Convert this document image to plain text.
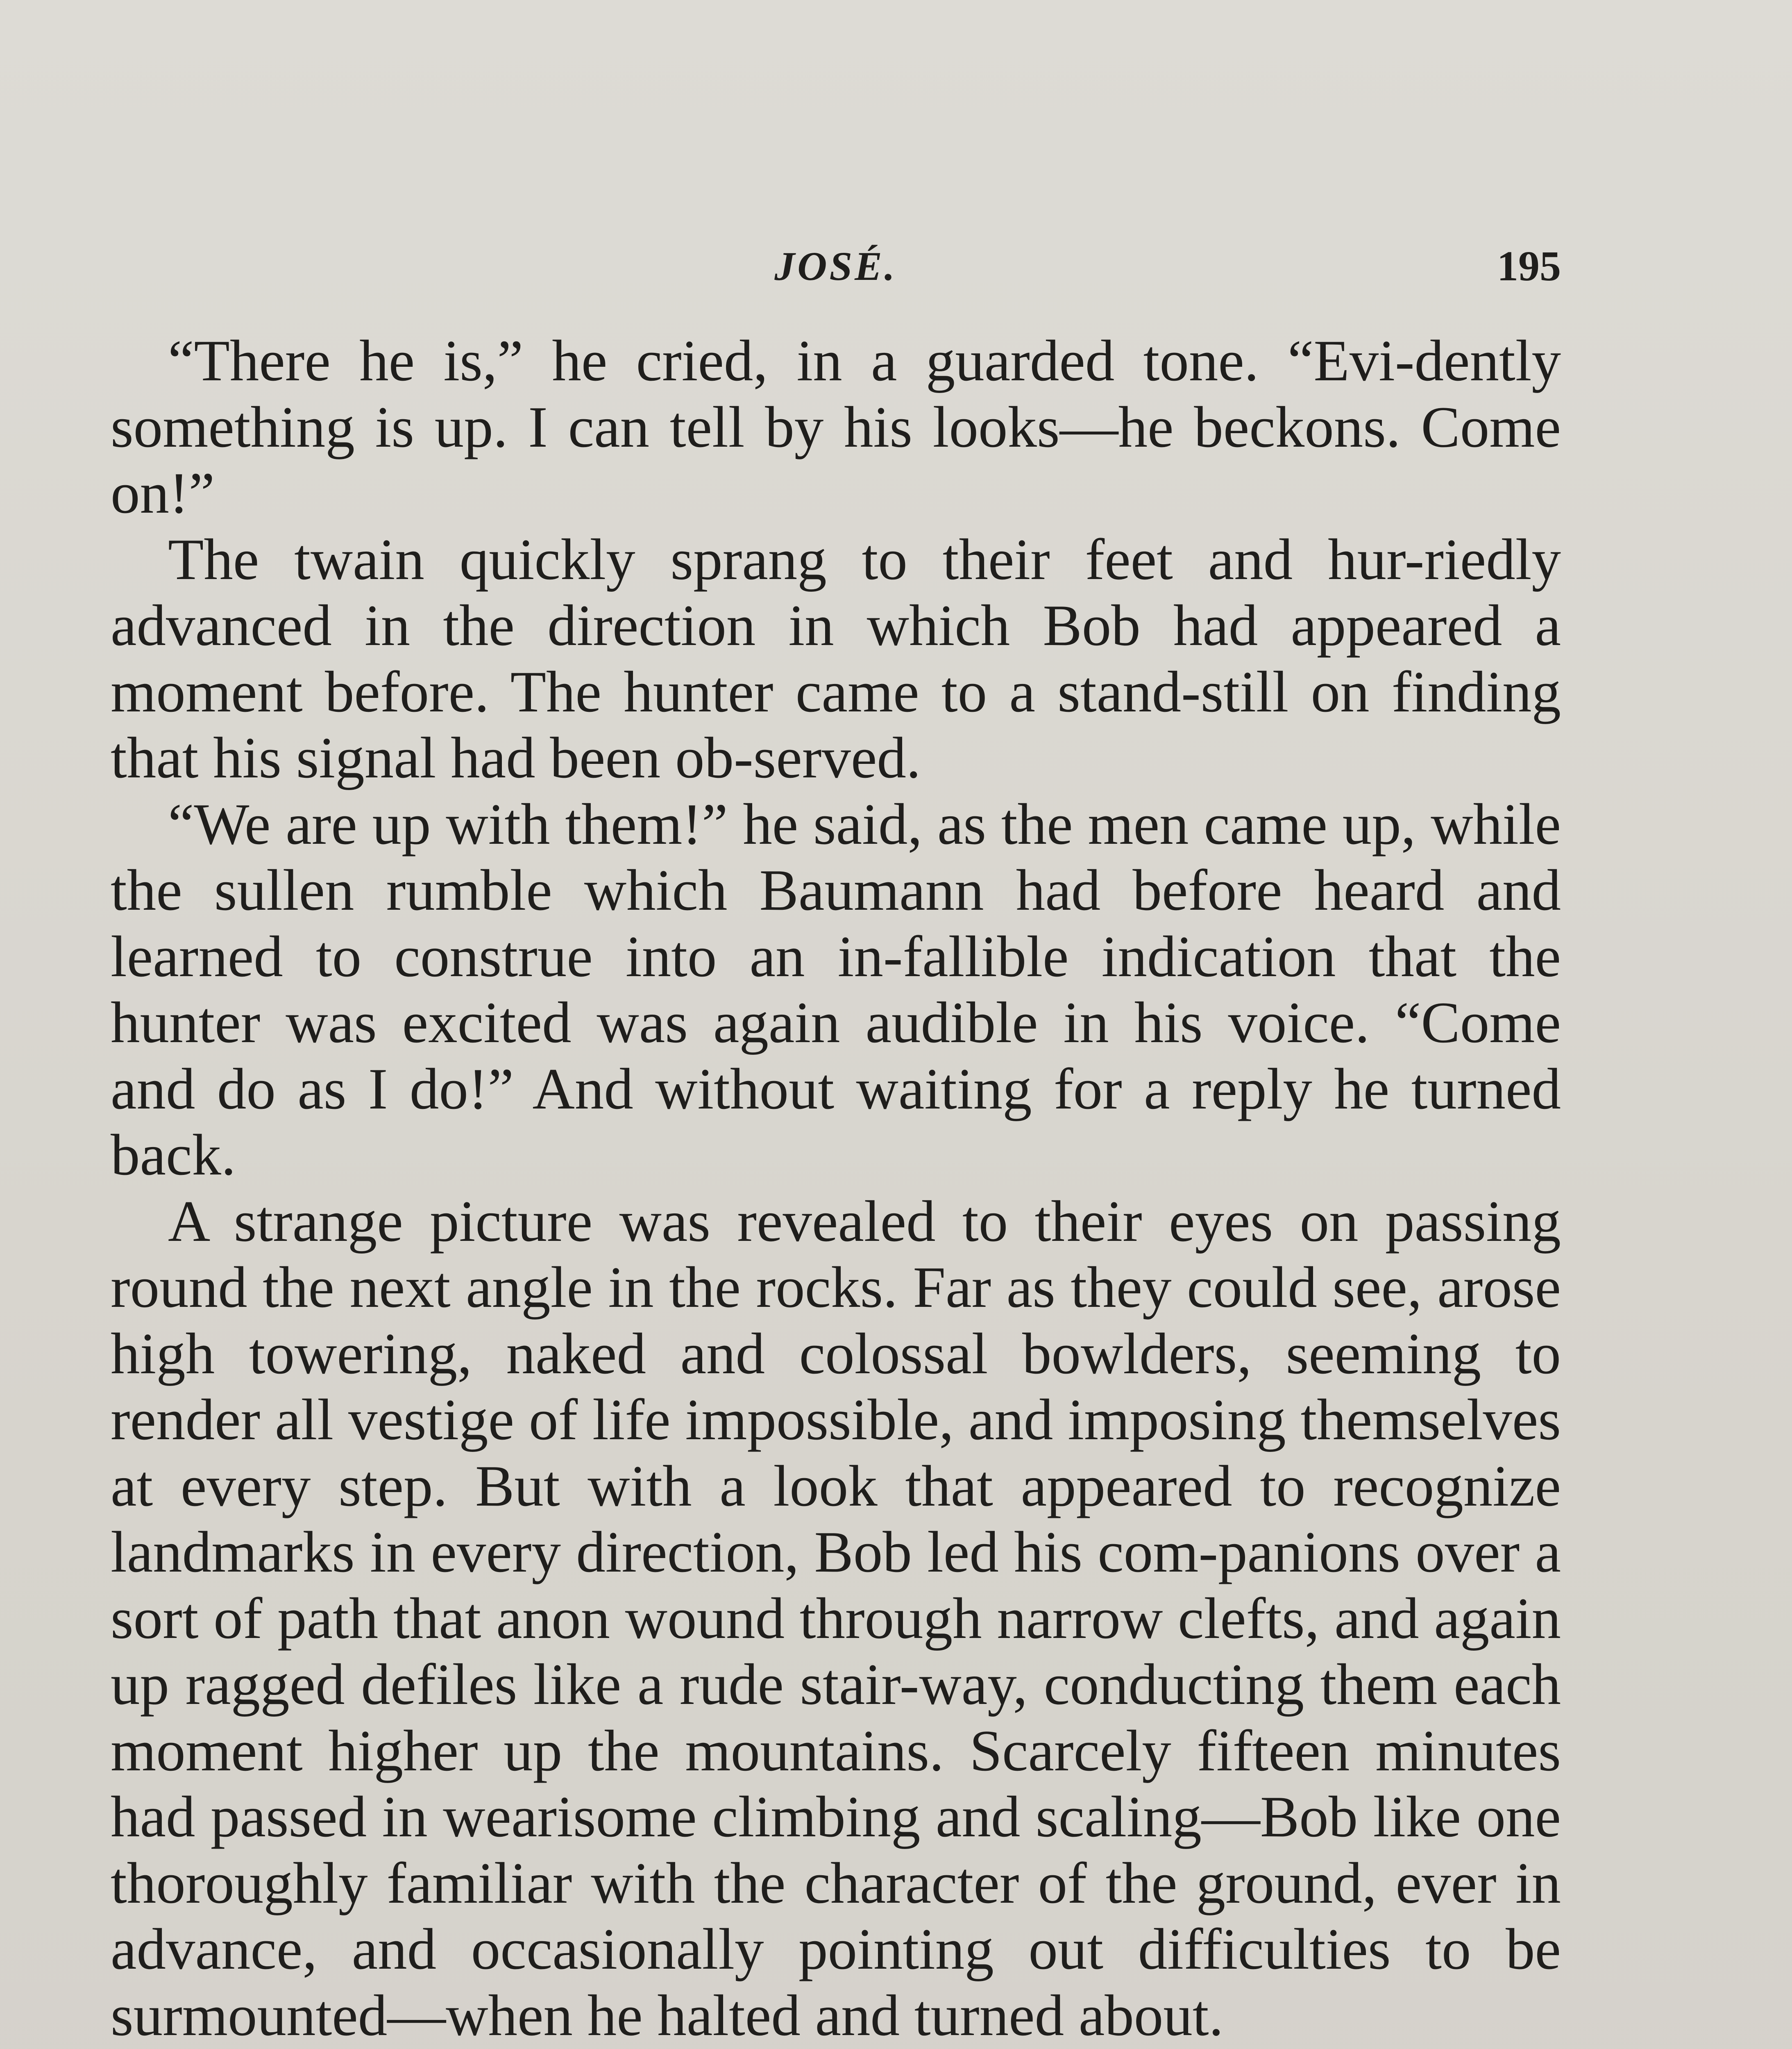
JOSÉ.	195

“There he is,” he cried, in a guarded tone. “Evi-dently something is up. I can tell by his looks—he beckons. Come on!”

The twain quickly sprang to their feet and hur-riedly advanced in the direction in which Bob had appeared a moment before. The hunter came to a stand-still on finding that his signal had been ob-served.

“We are up with them!” he said, as the men came up, while the sullen rumble which Baumann had before heard and learned to construe into an in-fallible indication that the hunter was excited was again audible in his voice. “Come and do as I do!” And without waiting for a reply he turned back.

A strange picture was revealed to their eyes on passing round the next angle in the rocks. Far as they could see, arose high towering, naked and colossal bowlders, seeming to render all vestige of life impossible, and imposing themselves at every step. But with a look that appeared to recognize landmarks in every direction, Bob led his com-panions over a sort of path that anon wound through narrow clefts, and again up ragged defiles like a rude stair-way, conducting them each moment higher up the mountains. Scarcely fifteen minutes had passed in wearisome climbing and scaling—Bob like one thoroughly familiar with the character of the ground, ever in advance, and occasionally pointing out difficulties to be surmounted—when he halted and turned about.
